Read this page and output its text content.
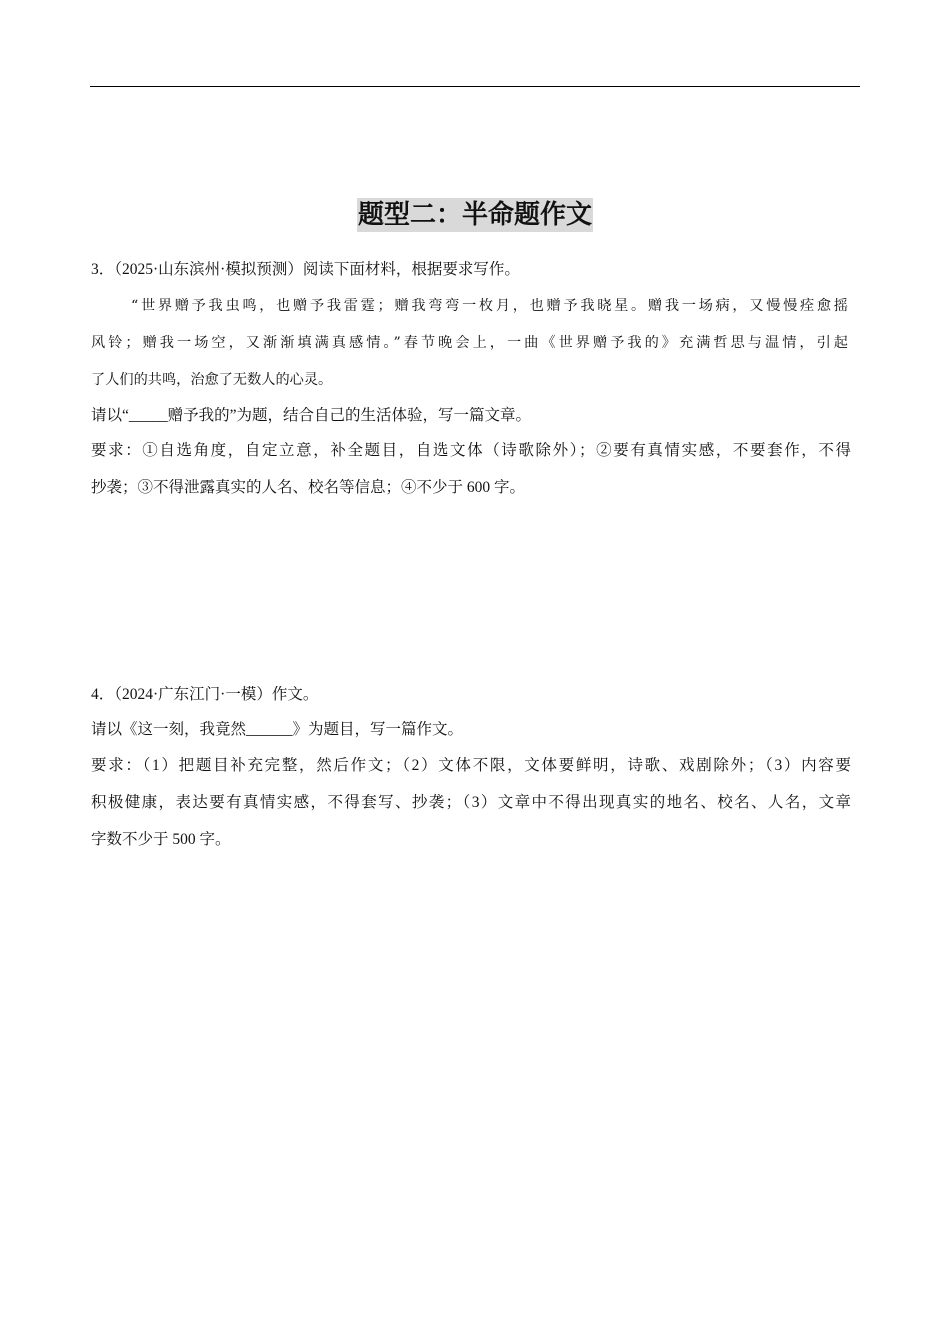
题型二：半命题作文
3．（2025·山东滨州·模拟预测）阅读下面材料，根据要求写作。
“世界赠予我虫鸣，也赠予我雷霆；赠我弯弯一枚月，也赠予我晓星。赠我一场病，又慢慢痊愈摇
风铃；赠我一场空，又渐渐填满真感情。”春节晚会上，一曲《世界赠予我的》充满哲思与温情，引起
了人们的共鸣，治愈了无数人的心灵。
请以“_____赠予我的”为题，结合自己的生活体验，写一篇文章。
要求：①自选角度，自定立意，补全题目，自选文体（诗歌除外）；②要有真情实感，不要套作，不得
抄袭；③不得泄露真实的人名、校名等信息；④不少于 600 字。
4．（2024·广东江门·一模）作文。
请以《这一刻，我竟然______》为题目，写一篇作文。
要求：（1）把题目补充完整，然后作文；（2）文体不限，文体要鲜明，诗歌、戏剧除外；（3）内容要
积极健康，表达要有真情实感，不得套写、抄袭；（3）文章中不得出现真实的地名、校名、人名，文章
字数不少于 500 字。
